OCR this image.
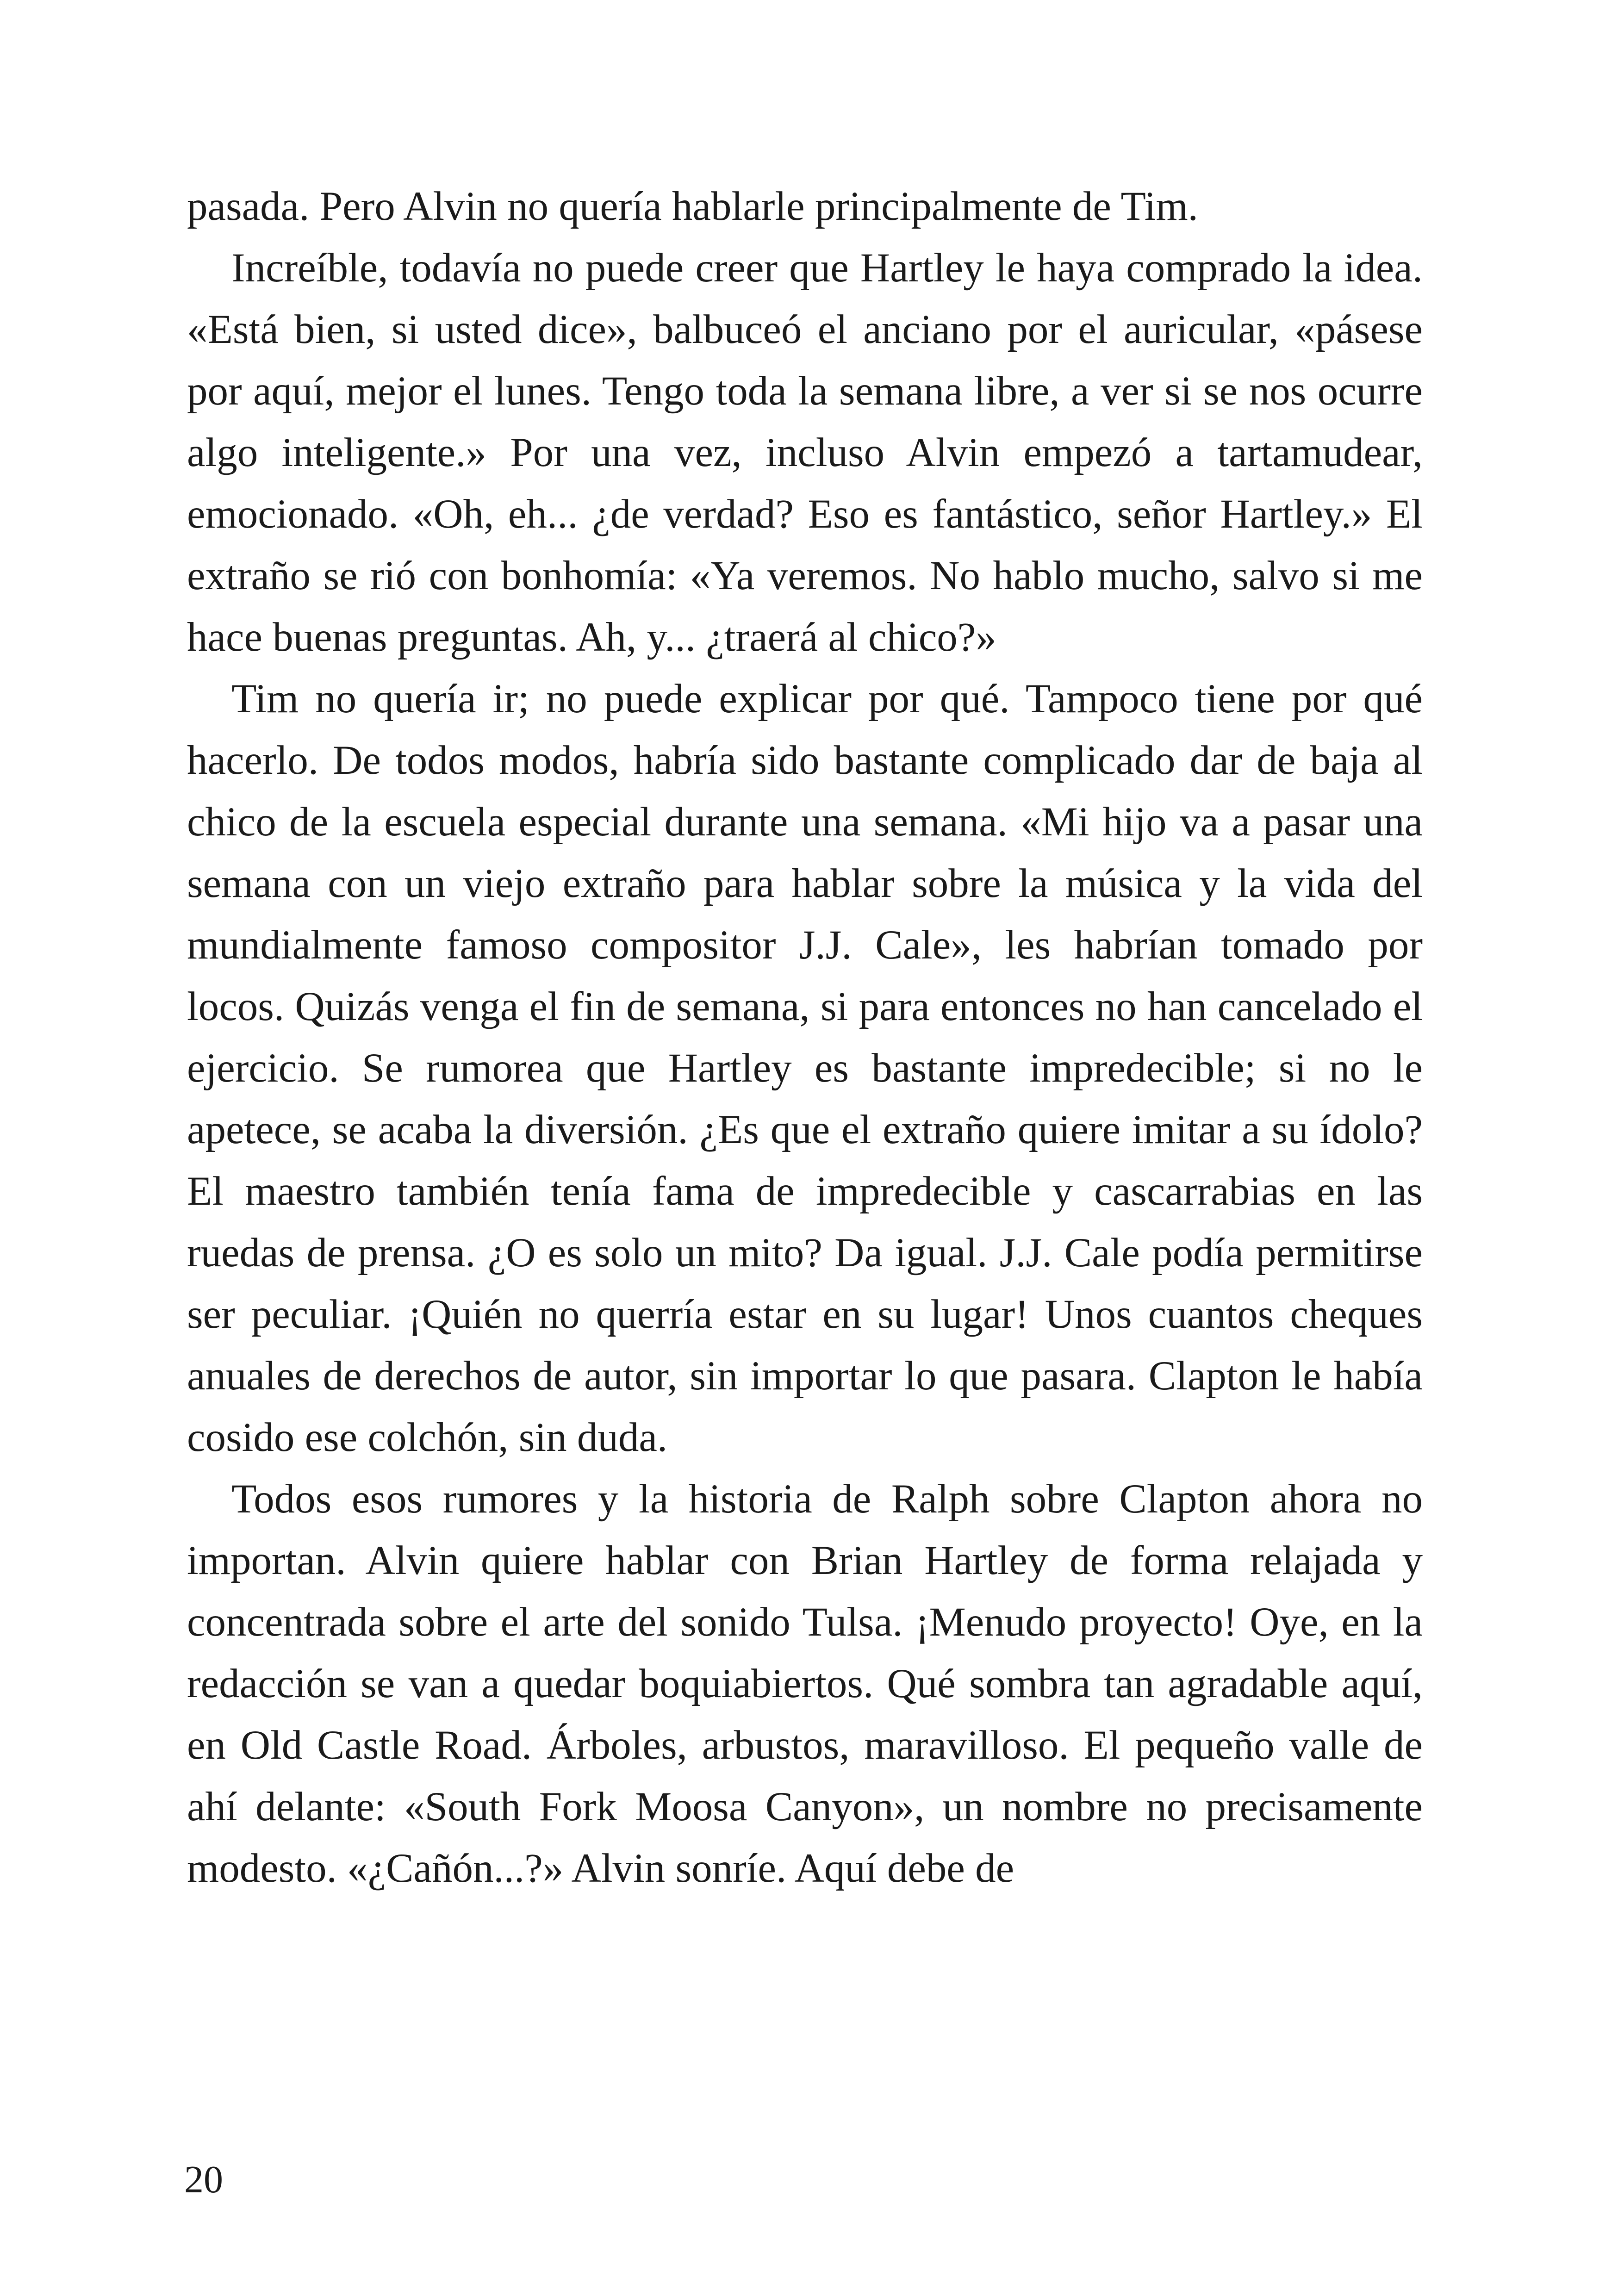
pasada. Pero Alvin no quería hablarle principalmente de Tim.

Increíble, todavía no puede creer que Hartley le haya comprado la idea. «Está bien, si usted dice», balbuceó el anciano por el auricular, «pásese por aquí, mejor el lunes. Tengo toda la semana libre, a ver si se nos ocurre algo inteligente.» Por una vez, incluso Alvin empezó a tartamudear, emocionado. «Oh, eh... ¿de verdad? Eso es fantástico, señor Hartley.» El extraño se rió con bonhomía: «Ya veremos. No hablo mucho, salvo si me hace buenas preguntas. Ah, y... ¿traerá al chico?»

Tim no quería ir; no puede explicar por qué. Tampoco tiene por qué hacerlo. De todos modos, habría sido bastante complicado dar de baja al chico de la escuela especial durante una semana. «Mi hijo va a pasar una semana con un viejo extraño para hablar sobre la música y la vida del mundialmente famoso compositor J.J. Cale», les habrían tomado por locos. Quizás venga el fin de semana, si para entonces no han cancelado el ejercicio. Se rumorea que Hartley es bastante impredecible; si no le apetece, se acaba la diversión. ¿Es que el extraño quiere imitar a su ídolo? El maestro también tenía fama de impredecible y cascarrabias en las ruedas de prensa. ¿O es solo un mito? Da igual. J.J. Cale podía permitirse ser peculiar. ¡Quién no querría estar en su lugar! Unos cuantos cheques anuales de derechos de autor, sin importar lo que pasara. Clapton le había cosido ese colchón, sin duda.

Todos esos rumores y la historia de Ralph sobre Clapton ahora no importan. Alvin quiere hablar con Brian Hartley de forma relajada y concentrada sobre el arte del sonido Tulsa. ¡Menudo proyecto! Oye, en la redacción se van a quedar boquiabiertos. Qué sombra tan agradable aquí, en Old Castle Road. Árboles, arbustos, maravilloso. El pequeño valle de ahí delante: «South Fork Moosa Canyon», un nombre no precisamente modesto. «¿Cañón...?» Alvin sonríe. Aquí debe de

20
